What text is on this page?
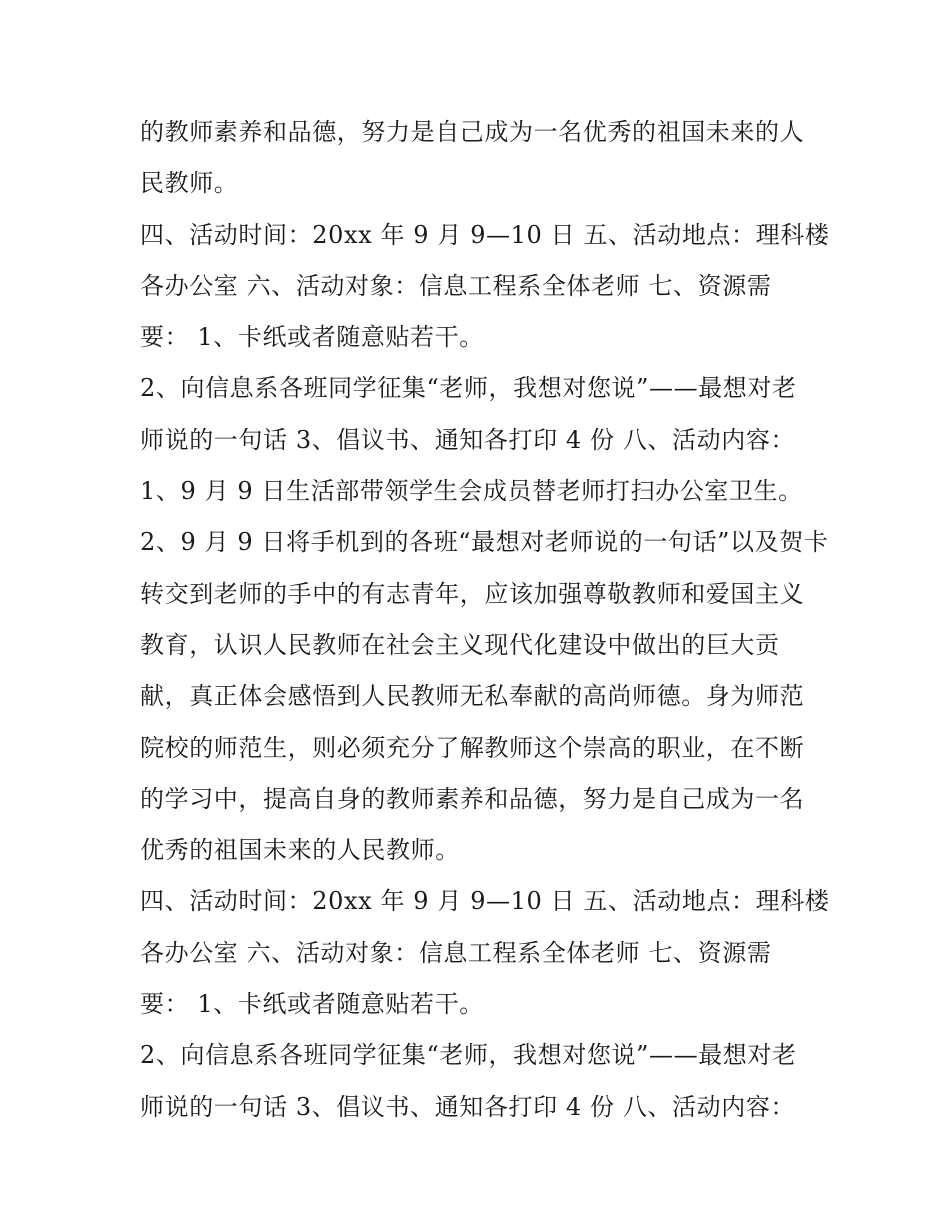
的教师素养和品德，努力是自己成为一名优秀的祖国未来的人
民教师。
四、活动时间：20xx 年 9 月 9—10 日 五、活动地点：理科楼
各办公室 六、活动对象：信息工程系全体老师 七、资源需
要： 1、卡纸或者随意贴若干。
2、向信息系各班同学征集“老师，我想对您说”——最想对老
师说的一句话 3、倡议书、通知各打印 4 份 八、活动内容：
1、9 月 9 日生活部带领学生会成员替老师打扫办公室卫生。
2、9 月 9 日将手机到的各班“最想对老师说的一句话”以及贺卡
转交到老师的手中的有志青年，应该加强尊敬教师和爱国主义
教育，认识人民教师在社会主义现代化建设中做出的巨大贡
献，真正体会感悟到人民教师无私奉献的高尚师德。身为师范
院校的师范生，则必须充分了解教师这个崇高的职业，在不断
的学习中，提高自身的教师素养和品德，努力是自己成为一名
优秀的祖国未来的人民教师。
四、活动时间：20xx 年 9 月 9—10 日 五、活动地点：理科楼
各办公室 六、活动对象：信息工程系全体老师 七、资源需
要： 1、卡纸或者随意贴若干。
2、向信息系各班同学征集“老师，我想对您说”——最想对老
师说的一句话 3、倡议书、通知各打印 4 份 八、活动内容：
